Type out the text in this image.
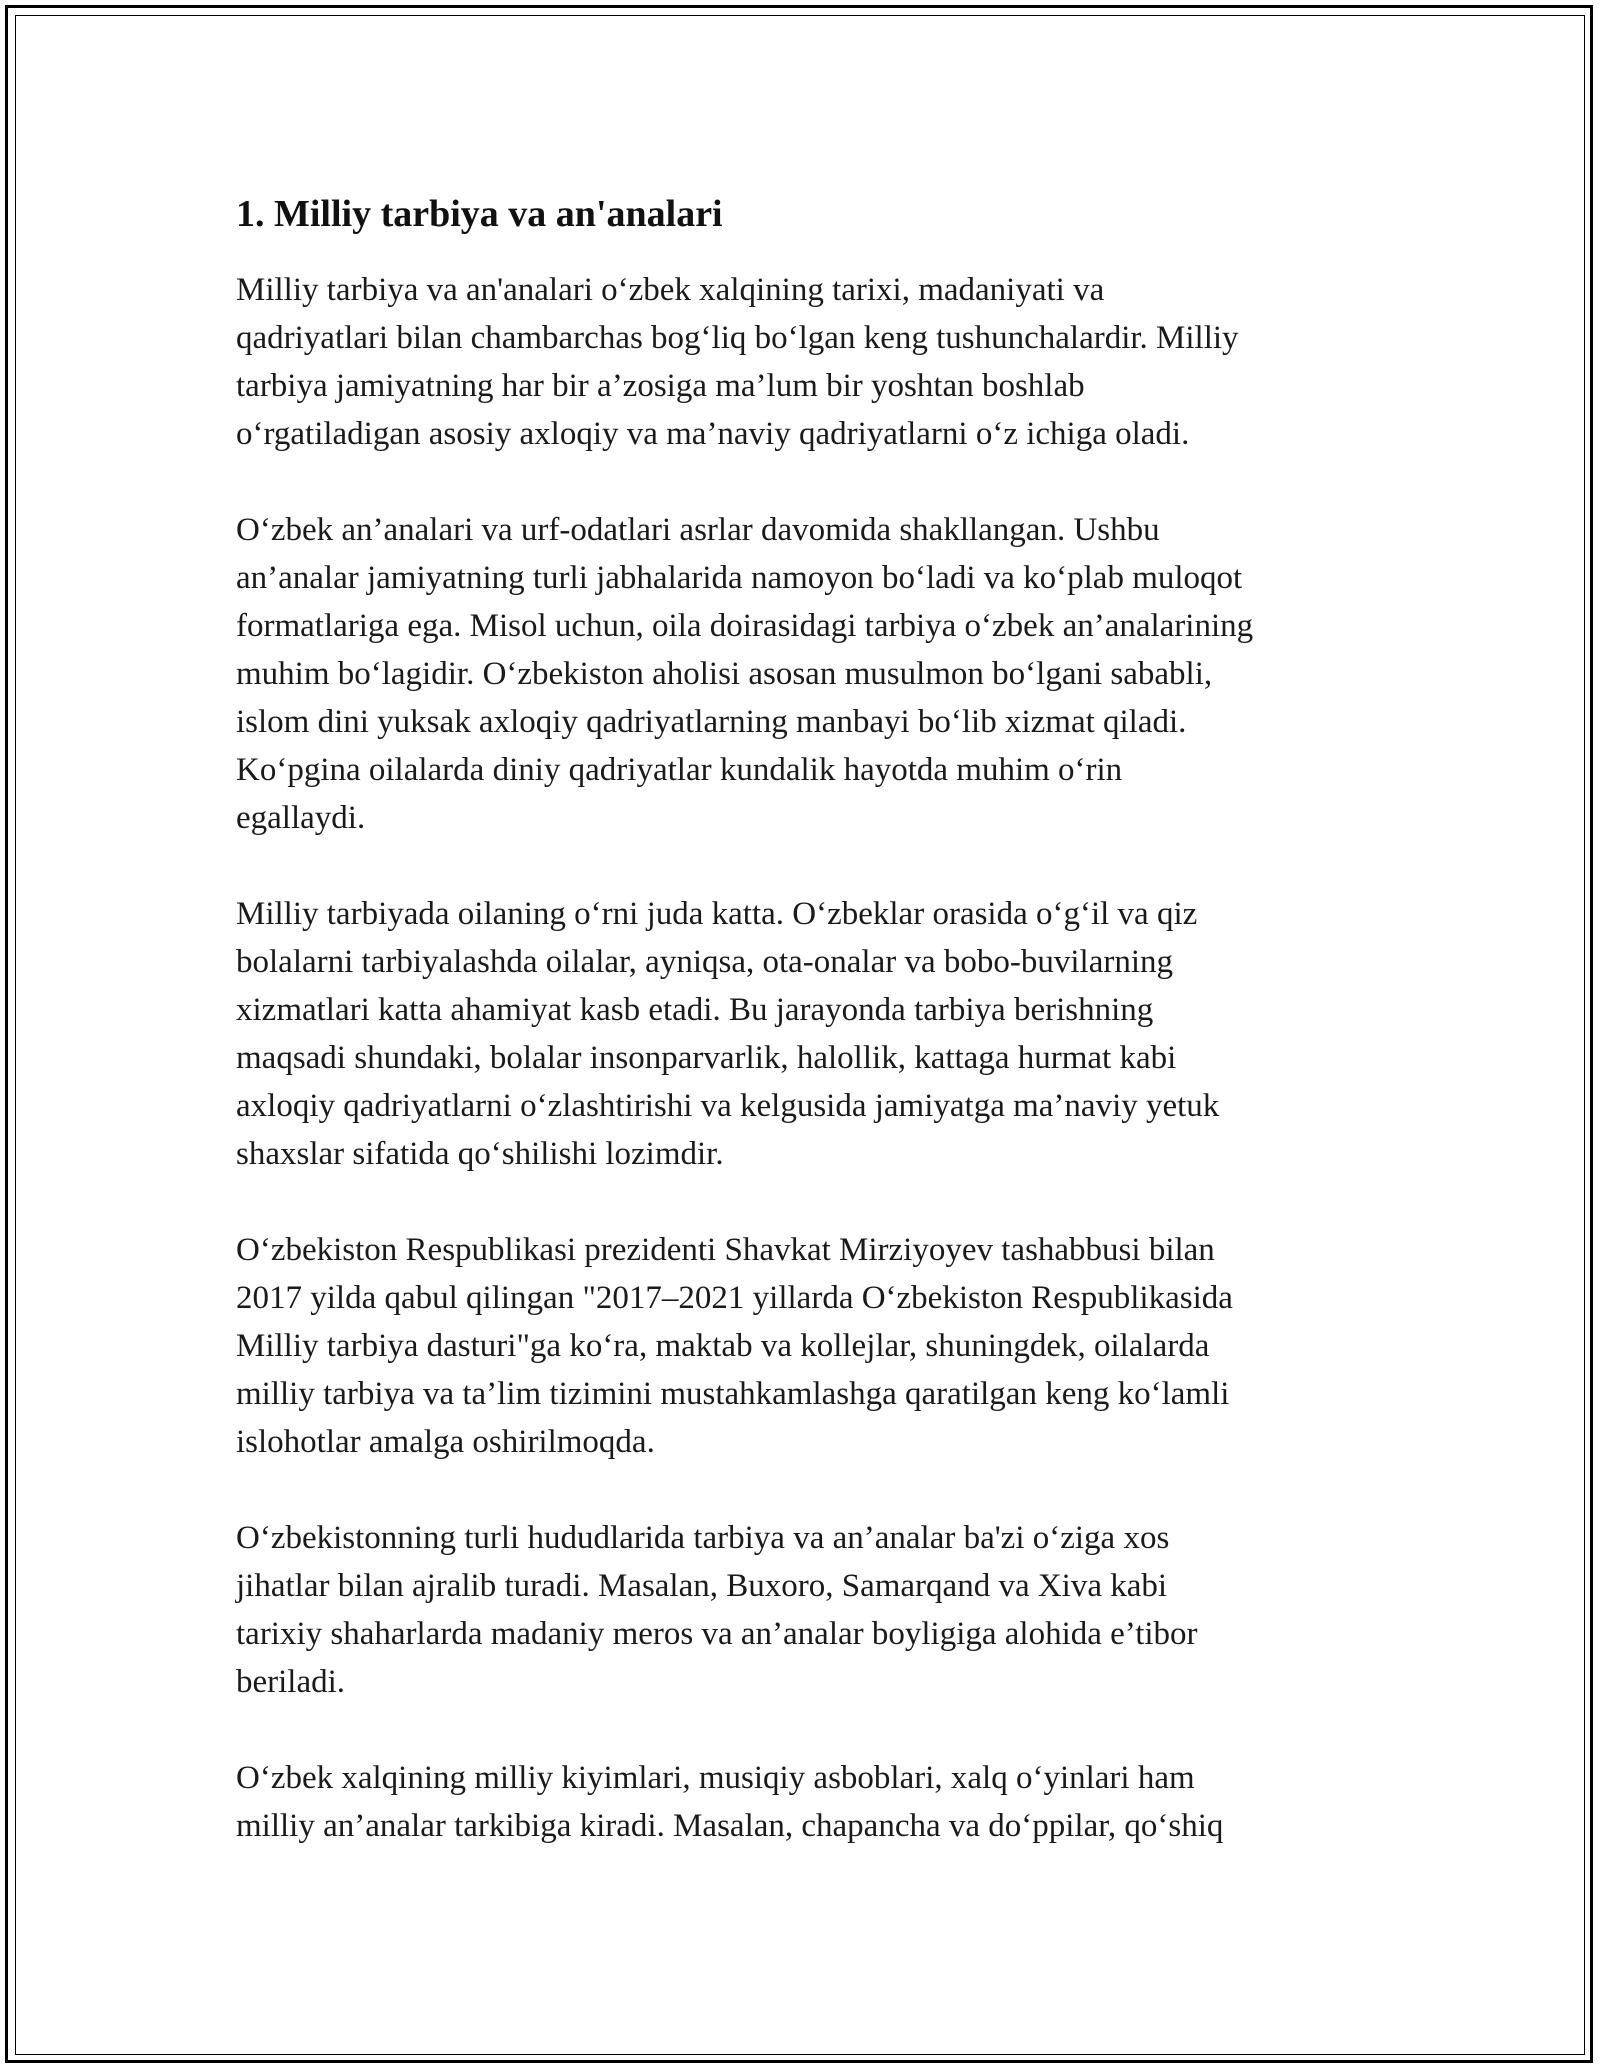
1. Milliy tarbiya va an'analari

Milliy tarbiya va an'analari o‘zbek xalqining tarixi, madaniyati va
qadriyatlari bilan chambarchas bog‘liq bo‘lgan keng tushunchalardir. Milliy
tarbiya jamiyatning har bir a’zosiga ma’lum bir yoshtan boshlab
o‘rgatiladigan asosiy axloqiy va ma’naviy qadriyatlarni o‘z ichiga oladi.

O‘zbek an’analari va urf-odatlari asrlar davomida shakllangan. Ushbu
an’analar jamiyatning turli jabhalarida namoyon bo‘ladi va ko‘plab muloqot
formatlariga ega. Misol uchun, oila doirasidagi tarbiya o‘zbek an’analarining
muhim bo‘lagidir. O‘zbekiston aholisi asosan musulmon bo‘lgani sababli,
islom dini yuksak axloqiy qadriyatlarning manbayi bo‘lib xizmat qiladi.
Ko‘pgina oilalarda diniy qadriyatlar kundalik hayotda muhim o‘rin
egallaydi.

Milliy tarbiyada oilaning o‘rni juda katta. O‘zbeklar orasida o‘g‘il va qiz
bolalarni tarbiyalashda oilalar, ayniqsa, ota-onalar va bobo-buvilarning
xizmatlari katta ahamiyat kasb etadi. Bu jarayonda tarbiya berishning
maqsadi shundaki, bolalar insonparvarlik, halollik, kattaga hurmat kabi
axloqiy qadriyatlarni o‘zlashtirishi va kelgusida jamiyatga ma’naviy yetuk
shaxslar sifatida qo‘shilishi lozimdir.

O‘zbekiston Respublikasi prezidenti Shavkat Mirziyoyev tashabbusi bilan
2017 yilda qabul qilingan "2017–2021 yillarda O‘zbekiston Respublikasida
Milliy tarbiya dasturi"ga ko‘ra, maktab va kollejlar, shuningdek, oilalarda
milliy tarbiya va ta’lim tizimini mustahkamlashga qaratilgan keng ko‘lamli
islohotlar amalga oshirilmoqda.

O‘zbekistonning turli hududlarida tarbiya va an’analar ba'zi o‘ziga xos
jihatlar bilan ajralib turadi. Masalan, Buxoro, Samarqand va Xiva kabi
tarixiy shaharlarda madaniy meros va an’analar boyligiga alohida e’tibor
beriladi.

O‘zbek xalqining milliy kiyimlari, musiqiy asboblari, xalq o‘yinlari ham
milliy an’analar tarkibiga kiradi. Masalan, chapancha va do‘ppilar, qo‘shiq
